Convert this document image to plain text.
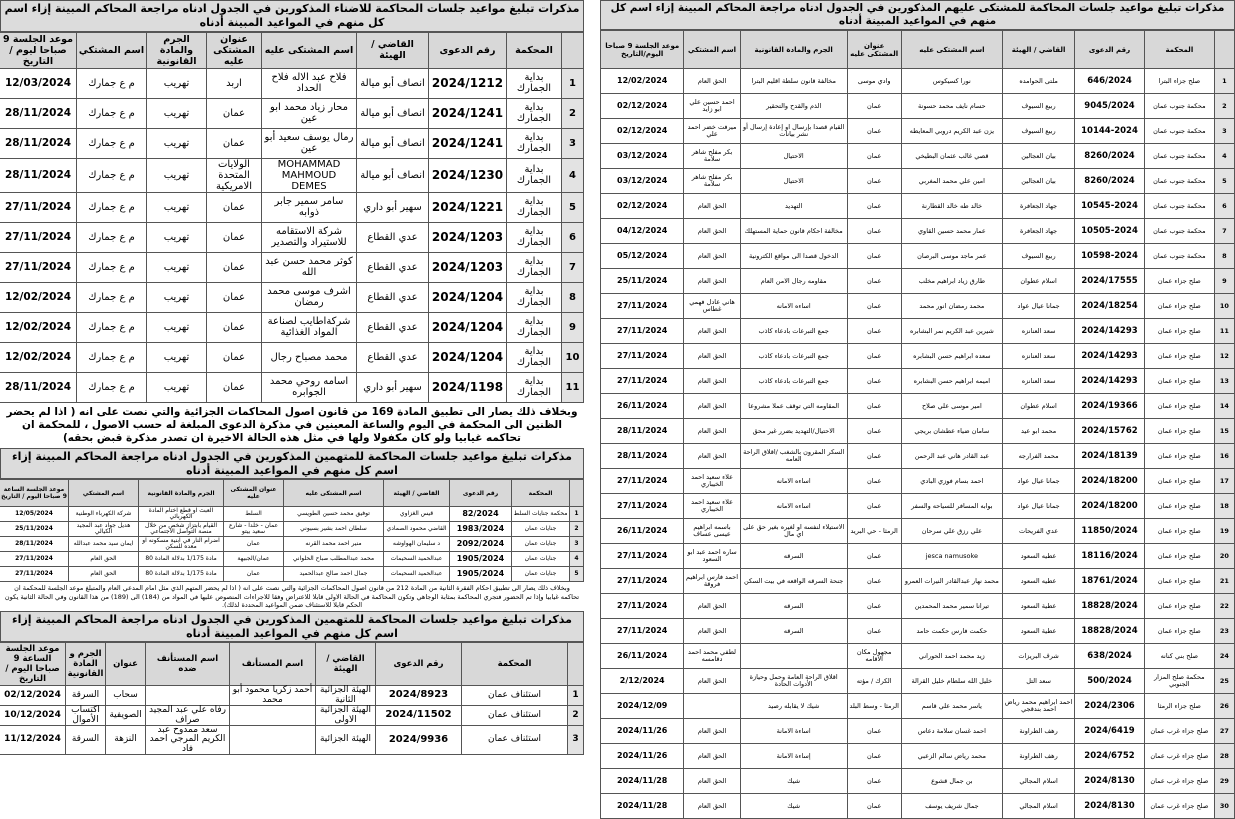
مذكرات تبليغ مواعيد جلسات المحاكمة للاضناء المذكورين في الجدول ادناه مراجعة المحاكم المبينة إزاء اسم كل منهم في المواعيد المبينة أدناه
	المحكمة	رقم الدعوى	القاضي / الهيئة	اسم المشتكى عليه	عنوان المشتكى عليه	الجرم والمادة القانونية	اسم المشتكي	موعد الجلسة 9 صباحا ليوم / التاريخ
1	بداية الجمارك	2024/1212	انصاف أبو ميالة	فلاح عبد الاله فلاح الحداد	اربد	تهريب	م ع جمارك	12/03/2024
2	بداية الجمارك	2024/1241	انصاف أبو ميالة	محار زياد محمد ابو عين	عمان	تهريب	م ع جمارك	28/11/2024
3	بداية الجمارك	2024/1241	انصاف أبو ميالة	رمال يوسف سعيد أبو عين	عمان	تهريب	م ع جمارك	28/11/2024
4	بداية الجمارك	2024/1230	انصاف أبو ميالة	MOHAMMAD MAHMOUD DEMES	الولايات المتحدة الامريكية	تهريب	م ع جمارك	28/11/2024
5	بداية الجمارك	2024/1221	سهير أبو داري	سامر سمير جابر ذوابه	عمان	تهريب	م ع جمارك	27/11/2024
6	بداية الجمارك	2024/1203	عدي القطاع	شركة الاستقامه للاستيراد والتصدير	عمان	تهريب	م ع جمارك	27/11/2024
7	بداية الجمارك	2024/1203	عدي القطاع	كوثر محمد حسن عبد الله	عمان	تهريب	م ع جمارك	27/11/2024
8	بداية الجمارك	2024/1204	عدي القطاع	اشرف موسى محمد رمضان	عمان	تهريب	م ع جمارك	12/02/2024
9	بداية الجمارك	2024/1204	عدي القطاع	شركةاطايب لصناعة المواد الغذائية	عمان	تهريب	م ع جمارك	12/02/2024
10	بداية الجمارك	2024/1204	عدي القطاع	محمد مصباح رجال	عمان	تهريب	م ع جمارك	12/02/2024
11	بداية الجمارك	2024/1198	سهير أبو داري	اسامه روحي محمد الجوابره	عمان	تهريب	م ع جمارك	28/11/2024
وبخلاف ذلك يصار الى تطبيق المادة 169 من قانون اصول المحاكمات الجزائية والتي نصت على انه ( اذا لم يحضر الظنين الى المحكمة في اليوم والساعة المعينين في مذكرة الدعوى المبلغة له حسب الاصول ، للمحكمة ان تحاكمه غيابيا ولو كان مكفولا ولها في مثل هذه الحالة الاخيرة ان تصدر مذكرة قبض بحقه)
مذكرات تبليغ مواعيد جلسات المحاكمة للمتهمين المذكورين في الجدول ادناه مراجعة المحاكم المبينة إزاء اسم كل منهم في المواعيد المبينة أدناه
	المحكمة	رقم الدعوى	القاضي / الهيئة	اسم المشتكى عليه	عنوان المشتكى عليه	الجرم والمادة القانونية	اسم المشتكي	موعد الجلسة الساعة 9 صباحا اليوم / التاريخ
1	محكمة جنايات السلط	82/2024	قيس الغزاوي	توفيق محمد حسين الطويسي	السلط	العبث او قطع اختام المادة الكهربائي	شركة الكهرباء الوطنية	12/05/2024
2	جنايات عمان	1983/2024	القاضي محمود الصمادي	سلطان احمد بشير بسيوني	عمان - خلدا - شارع سعيد بيتو	القيام بابتزاز شخص من خلال منصة التواصل الاجتماعي	هديل جواد عبد المجيد الكيالي	25/11/2024
3	جنايات عمان	2092/2024	د سليمان الهواوشه	منير احمد محمد القرنه	عمان	اضرام النار في ابنية مسكونه او معده للسكن	ايمان سيد محمد عبدالله	28/11/2024
4	جنايات عمان	1905/2024	عبدالحميد السحيمات	محمد عبدالمطلب صباح الحلواني	عمان/الجبيهة	مادة 1/175 بدلالة المادة 80	الحق العام	27/11/2024
5	جنايات عمان	1905/2024	عبدالحميد السحيمات	جمال احمد صالح عبدالحميد	عمان	مادة 1/175 بدلالة المادة 80	الحق العام	27/11/2024
وبخلاف ذلك يصار الى تطبيق احكام الفقرة الثانية من المادة 212 من قانون اصول المحاكمات الجزائية والتي نصت على انه ( اذا لم يحضر المتهم الذي مثل امام المدعي العام والمتبلغ موعد الجلسة للمحكمة ان تحاكمه غيابيا وإذا تم الحضور فتجري المحاكمة بمثابة الوجاهي وتكون المحاكمة في الحالة الاولى قابلا للاعتراض وفقا للاجراءات المنصوص عليها في المواد من (184) الى (189) من هذا القانون وفي الحالة الثانية يكون الحكم قابلا للاستئناف ضمن المواعيد المحددة لذلك).
مذكرات تبليغ مواعيد جلسات المحاكمة للمتهمين المذكورين في الجدول ادناه مراجعة المحاكم المبينة إزاء اسم كل منهم في المواعيد المبينة أدناه
	المحكمة	رقم الدعوى	القاضي / الهيئة	اسم المستأنف	اسم المستأنف ضده	عنوان	الجرم و المادة القانونية	موعد الجلسة الساعة 9 صباحا اليوم / التاريخ
1	استئناف عمان	2024/8923	الهيئة الجزائية الثانية	أحمد زكريا محمود أبو محمد		سحاب	السرقة	02/12/2024
2	استئناف عمان	2024/11502	الهيئة الجزائية الاولى		رفاه علي عبد المجيد صراف	الصويفية	اكتساب الأموال	10/12/2024
3	استئناف عمان	2024/9936	الهيئة الجزائية		سعد ممدوح عبد الكريم المرجي احمد فاد	النزهة	السرقة	11/12/2024
مذكرات تبليغ مواعيد جلسات المحاكمة للمشتكى عليهم المذكورين في الجدول ادناه مراجعة المحاكم المبينة إزاء اسم كل منهم في المواعيد المبينة أدناه
	المحكمة	رقم الدعوى	القاضي / الهيئة	اسم المشتكى عليه	عنوان المشتكى عليه	الجرم والمادة القانونية	اسم المشتكي	موعد الجلسة 9 صباحا اليوم/التاريخ
1	صلح جزاء البترا	646/2024	ملتى الحوامده	نورا كسيكوس	وادي موسى	مخالفة قانون سلطة اقليم البترا	الحق العام	12/02/2024
2	محكمة جنوب عمان	9045/2024	ربيع السيوف	حسام نايف محمد حسونة	عمان	الذم والقدح والتحقير	احمد حسين علي ابو زايد	02/12/2024
3	محكمة جنوب عمان	10144-2024	ربيع السيوف	يزن عبد الكريم دروبي المعايطه	عمان	القيام قصدا بإرسال او إعادة إرسال أو نشر بيانات	ميرفت خضر احمد علي	02/12/2024
4	محكمة جنوب عمان	8260/2024	بيان العجالين	قصي غالب عثمان البطيخي	عمان	الاحتيال	بكر مفلح شاهر سلامة	03/12/2024
5	محكمة جنوب عمان	8260/2024	بيان العجالين	امين علي محمد المغربي	عمان	الاحتيال	بكر مفلح شاهر سلامة	03/12/2024
6	محكمة جنوب عمان	10545-2024	جهاد الجعافرة	خالد طه خالد القطارنة	عمان	التهديد	الحق العام	02/12/2024
7	محكمة جنوب عمان	10505-2024	جهاد الجعافرة	عمار محمد حسين القاوي	عمان	مخالفة احكام قانون حماية المستهلك	الحق العام	04/12/2024
8	محكمة جنوب عمان	10598-2024	ربيع السيوف	عمر ماجد موسى البرصان	عمان	الدخول قصدا الى مواقع الكترونية	الحق العام	05/12/2024
9	صلح جزاء عمان	2024/17555	اسلام عطوان	طارق زياد ابراهيم مخلب	عمان	مقاومه رجال الامن العام	الحق العام	25/11/2024
10	صلح جزاء عمان	2024/18254	جمانا عيال عواد	محمد رمضان انور محمد	عمان	اساءه الامانه	هاني عادل فهمي غطاس	27/11/2024
11	صلح جزاء عمان	2024/14293	سعد العنانزه	شيرين عبد الكريم نمر البشابره	عمان	جمع التبرعات بادعاء كاذب	الحق العام	27/11/2024
12	صلح جزاء عمان	2024/14293	سعد العنانزه	سعده ابراهيم حسن البشابره	عمان	جمع التبرعات بادعاء كاذب	الحق العام	27/11/2024
13	صلح جزاء عمان	2024/14293	سعد العنانزه	اميمه ابراهيم حسن البشابره	عمان	جمع التبرعات بادعاء كاذب	الحق العام	27/11/2024
14	صلح جزاء عمان	2024/19366	اسلام عطوان	امير موسى علي صلاح	عمان	المقاومه التي توقف عملا مشروعا	الحق العام	26/11/2024
15	صلح جزاء عمان	2024/15762	محمد ابو عيد	سامان ضياء عطشان بريجي	عمان	الاحتيال/التهديد بضرر غير محق	الحق العام	28/11/2024
16	صلح جزاء عمان	2024/18139	محمد الفرارجه	عبد القادر هاني عبد الرحمن	عمان	السكر المقرون بالشغب /اقلاق الراحة العامه	الحق العام	28/11/2024
17	صلح جزاء عمان	2024/18200	جمانا عيال عواد	احمد بسام فوزي البادي	عمان	اساءه الامانه	علاء سعيد احمد الخيباري	27/11/2024
18	صلح جزاء عمان	2024/18200	جمانا عيال عواد	بوابه المسافر للسياحه والسفر	عمان	اساءه الامانه	علاء سعيد احمد الخيباري	27/11/2024
19	صلح جزاء عمان	11850/2024	عدي الفريحات	علي رزق علي سرحان	الرمثا - حي البريد	الاستيلاء لنفسه او لغيره بغير حق على اي مال	باسمه ابراهيم عيسى عساف	26/11/2024
20	صلح جزاء عمان	18116/2024	عطيه السعود	jesca namusoke	عمان	السرقه	ساره احمد عبد ابو السعود	27/11/2024
21	صلح جزاء عمان	18761/2024	عطيه السعود	محمد نهار عبدالقادر النيرات العمرو	عمان	جنحة السرقه الواقعه في بيت السكن	احمد فارس ابراهيم فروقة	27/11/2024
22	صلح جزاء عمان	18828/2024	عطية السعود	تيرانا سمير محمد المحمدين	عمان	السرقه	الحق العام	27/11/2024
23	صلح جزاء عمان	18828/2024	عطية السعود	حكمت فارس حكمت حامد	عمان	السرقه	الحق العام	27/11/2024
24	صلح بني كنانه	638/2024	شرف البريزات	زيد محمد احمد الحوراني	مجهول مكان الاقامه		لطفي محمد احمد دقامسه	26/11/2024
25	محكمة صلح المزار الجنوبي	500/2024	سعد التل	خليل الله سلطام خليل القرالة	الكرك / مؤته	اقلاق الراحة العامة وحمل وحيازة الأدوات الحادة	الحق العام	2/12/2024
26	صلح جزاء الرمثا	2024/2306	احمد ابراهيم محمد رياض احمد بندقجي	ياسر محمد علي قاسم	الرمثا - وسط البلد	شيك لا يقابله رصيد		2024/12/09
27	صلح جزاء غرب عمان	2024/6419	رهف الطراونة	احمد غسان سلامة دعاس	عمان	اساءة الامانة	الحق العام	2024/11/26
28	صلح جزاء غرب عمان	2024/6752	رهف الطراونة	محمد رياض سالم الزعبي	عمان	إساءة الامانة	الحق العام	2024/11/26
29	صلح جزاء غرب عمان	2024/8130	اسلام المجالي	بن جمال قشوع	عمان	شيك	الحق العام	2024/11/28
30	صلح جزاء غرب عمان	2024/8130	اسلام المجالي	جمال شريف يوسف	عمان	شيك	الحق العام	2024/11/28
